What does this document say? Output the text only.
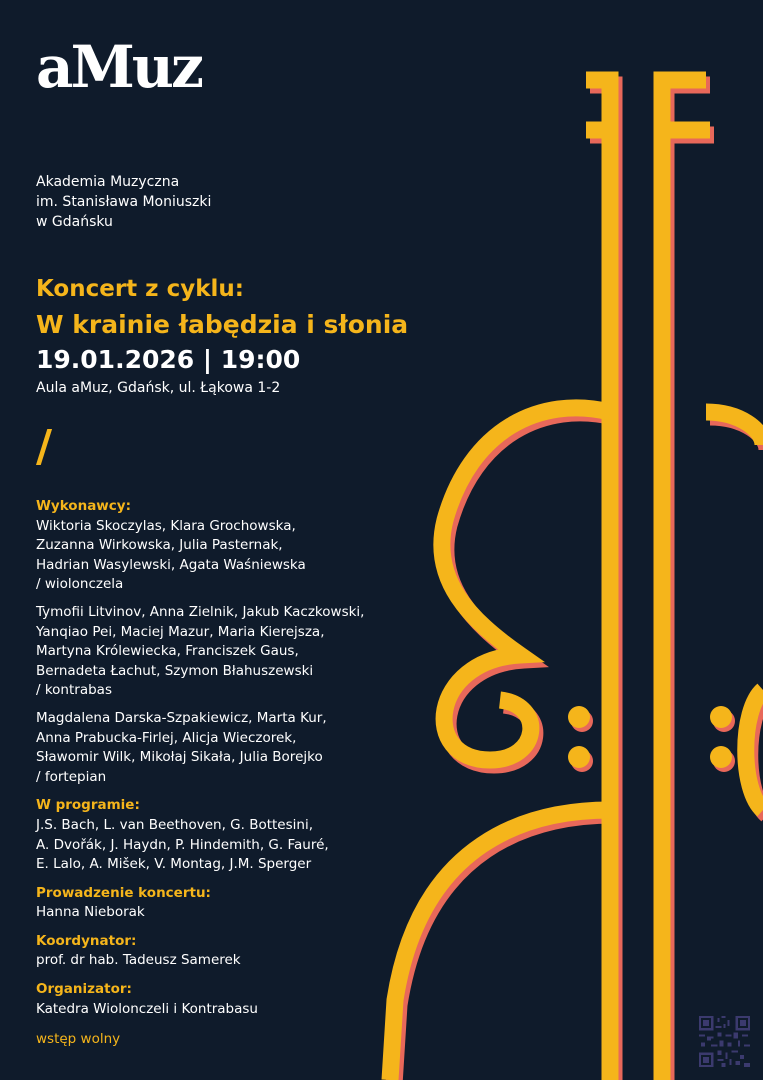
aMuz
Akademia Muzyczna
im. Stanisława Moniuszki
w Gdańsku
Koncert z cyklu:
W krainie łabędzia i słonia
19.01.2026 | 19:00
Aula aMuz, Gdańsk, ul. Łąkowa 1-2
/
Wykonawcy:
Wiktoria Skoczylas, Klara Grochowska,
Zuzanna Wirkowska, Julia Pasternak,
Hadrian Wasylewski, Agata Waśniewska
/ wiolonczela
Tymofii Litvinov, Anna Zielnik, Jakub Kaczkowski,
Yanqiao Pei, Maciej Mazur, Maria Kierejsza,
Martyna Królewiecka, Franciszek Gaus,
Bernadeta Łachut, Szymon Błahuszewski
/ kontrabas
Magdalena Darska-Szpakiewicz, Marta Kur,
Anna Prabucka-Firlej, Alicja Wieczorek,
Sławomir Wilk, Mikołaj Sikała, Julia Borejko
/ fortepian
W programie:
J.S. Bach, L. van Beethoven, G. Bottesini,
A. Dvořák, J. Haydn, P. Hindemith, G. Fauré,
E. Lalo, A. Mišek, V. Montag, J.M. Sperger
Prowadzenie koncertu:
Hanna Nieborak
Koordynator:
prof. dr hab. Tadeusz Samerek
Organizator:
Katedra Wiolonczeli i Kontrabasu
wstęp wolny
